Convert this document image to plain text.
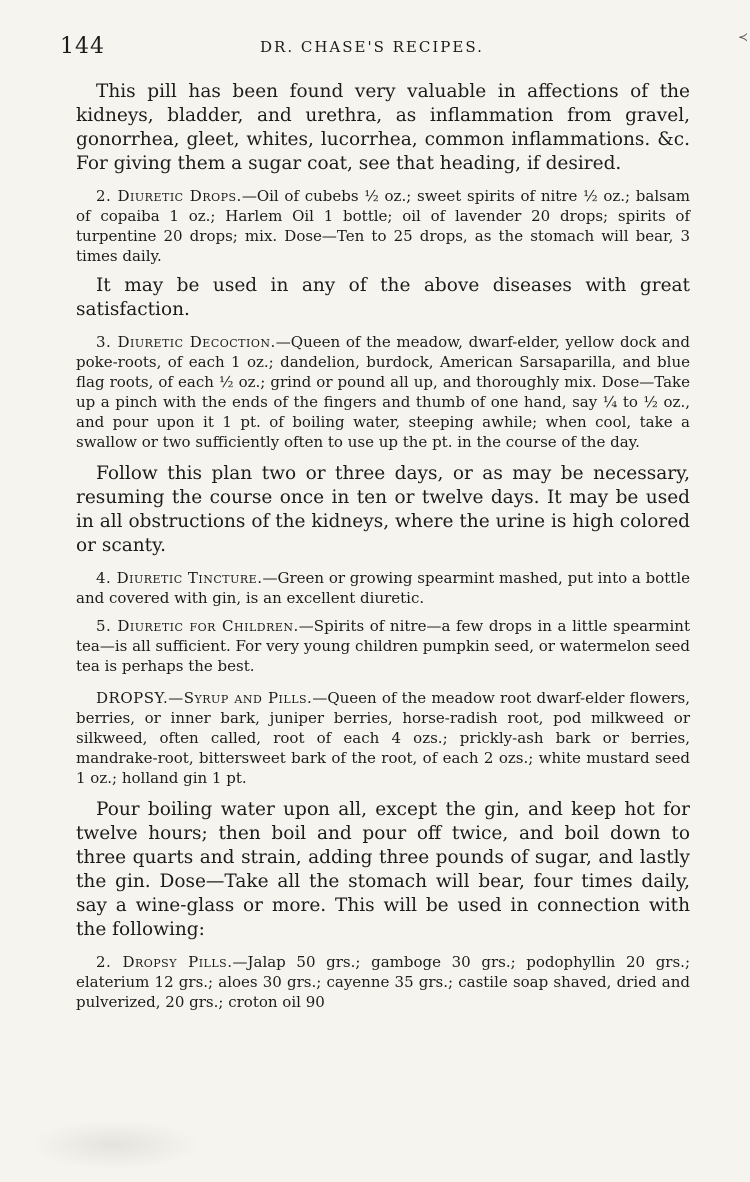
≺
144	DR. CHASE'S RECIPES.

This pill has been found very valuable in affections of the kidneys, bladder, and urethra, as inflammation from gravel, gonorrhea, gleet, whites, lucorrhea, common inflammations. &c. For giving them a sugar coat, see that heading, if desired.

2. Diuretic Drops.—Oil of cubebs ½ oz.; sweet spirits of nitre ½ oz.; balsam of copaiba 1 oz.; Harlem Oil 1 bottle; oil of lavender 20 drops; spirits of turpentine 20 drops; mix. Dose—Ten to 25 drops, as the stomach will bear, 3 times daily.

It may be used in any of the above diseases with great satisfaction.

3. Diuretic Decoction.—Queen of the meadow, dwarf-elder, yellow dock and poke-roots, of each 1 oz.; dandelion, burdock, American Sarsaparilla, and blue flag roots, of each ½ oz.; grind or pound all up, and thoroughly mix. Dose—Take up a pinch with the ends of the fingers and thumb of one hand, say ¼ to ½ oz., and pour upon it 1 pt. of boiling water, steeping awhile; when cool, take a swallow or two sufficiently often to use up the pt. in the course of the day.

Follow this plan two or three days, or as may be necessary, resuming the course once in ten or twelve days. It may be used in all obstructions of the kidneys, where the urine is high colored or scanty.

4. Diuretic Tincture.—Green or growing spearmint mashed, put into a bottle and covered with gin, is an excellent diuretic.

5. Diuretic for Children.—Spirits of nitre—a few drops in a little spearmint tea—is all sufficient. For very young children pumpkin seed, or watermelon seed tea is perhaps the best.

DROPSY.—Syrup and Pills.—Queen of the meadow root dwarf-elder flowers, berries, or inner bark, juniper berries, horse-radish root, pod milkweed or silkweed, often called, root of each 4 ozs.; prickly-ash bark or berries, mandrake-root, bittersweet bark of the root, of each 2 ozs.; white mustard seed 1 oz.; holland gin 1 pt.

Pour boiling water upon all, except the gin, and keep hot for twelve hours; then boil and pour off twice, and boil down to three quarts and strain, adding three pounds of sugar, and lastly the gin. Dose—Take all the stomach will bear, four times daily, say a wine-glass or more. This will be used in connection with the following:

2. Dropsy Pills.—Jalap 50 grs.; gamboge 30 grs.; podophyllin 20 grs.; elaterium 12 grs.; aloes 30 grs.; cayenne 35 grs.; castile soap shaved, dried and pulverized, 20 grs.; croton oil 90
